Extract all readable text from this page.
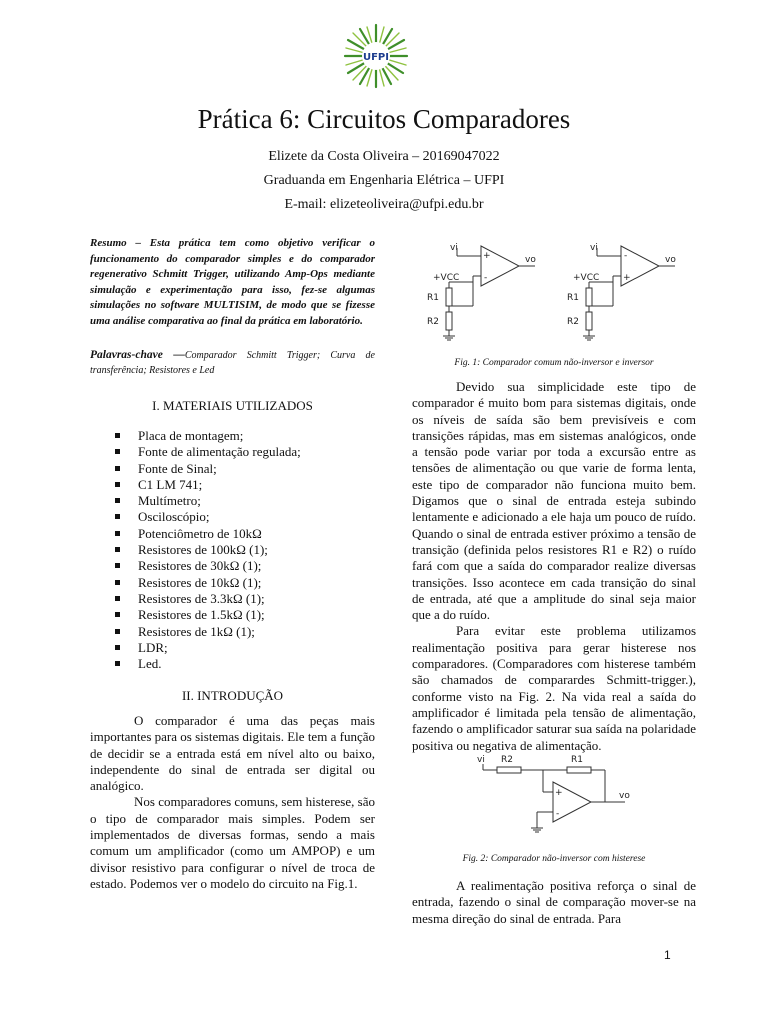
UFPI
Prática 6: Circuitos Comparadores
Elizete da Costa Oliveira – 20169047022
Graduanda em Engenharia Elétrica – UFPI
E-mail: elizeteoliveira@ufpi.edu.br
Resumo – Esta prática tem como objetivo verificar o funcionamento do comparador simples e do comparador regenerativo Schmitt Trigger, utilizando Amp-Ops mediante simulação e experimentação para isso, fez-se algumas simulações no software MULTISIM, de modo que se fizesse uma análise comparativa ao final da prática em laboratório.
Palavras-chave —Comparador Schmitt Trigger; Curva de transferência; Resistores e Led
I. MATERIAIS UTILIZADOS
Placa de montagem;
Fonte de alimentação regulada;
Fonte de Sinal;
C1 LM 741;
Multímetro;
Osciloscópio;
Potenciômetro de 10kΩ
Resistores de 100kΩ (1);
Resistores de 30kΩ (1);
Resistores de 10kΩ (1);
Resistores de 3.3kΩ (1);
Resistores de 1.5kΩ (1);
Resistores de 1kΩ (1);
LDR;
Led.
II. INTRODUÇÃO

O comparador é uma das peças mais importantes para os sistemas digitais. Ele tem a função de decidir se a entrada está em nível alto ou baixo, independente do sinal de entrada ser digital ou analógico.

Nos comparadores comuns, sem histerese, são o tipo de comparador mais simples. Podem ser implementados de diversas formas, sendo a mais comum um amplificador (como um AMPOP) e um divisor resistivo para configurar o nível de troca de estado. Podemos ver o modelo do circuito na Fig.1.

vi
vo
+
-
+VCC
R1
R2
vi
vo
-
+
+VCC
R1
R2
Fig. 1: Comparador comum não-inversor e inversor

Devido sua simplicidade este tipo de comparador é muito bom para sistemas digitais, onde os níveis de saída são bem previsíveis e com transições rápidas, mas em sistemas analógicos, onde a tensão pode variar por toda a excursão entre as tensões de alimentação ou que varie de forma lenta, este tipo de comparador não funciona muito bem. Digamos que o sinal de entrada esteja subindo lentamente e adicionado a ele haja um pouco de ruído. Quando o sinal de entrada estiver próximo a tensão de transição (definida pelos resistores R1 e R2) o ruído fará com que a saída do comparador realize diversas transições. Isso acontece em cada transição do sinal de entrada, até que a amplitude do sinal seja maior que a do ruído.

Para evitar este problema utilizamos realimentação positiva para gerar histerese nos comparadores. (Comparadores com histerese também são chamados de comparardes Schmitt-trigger.), conforme visto na Fig. 2. Na vida real a saída do amplificador é limitada pela tensão de alimentação, fazendo o amplificador saturar sua saída na polaridade positiva ou negativa de alimentação.

vi R2	R1
vo
+
-
Fig. 2: Comparador não-inversor com histerese

A realimentação positiva reforça o sinal de entrada, fazendo o sinal de comparação mover-se na mesma direção do sinal de entrada. Para

1
